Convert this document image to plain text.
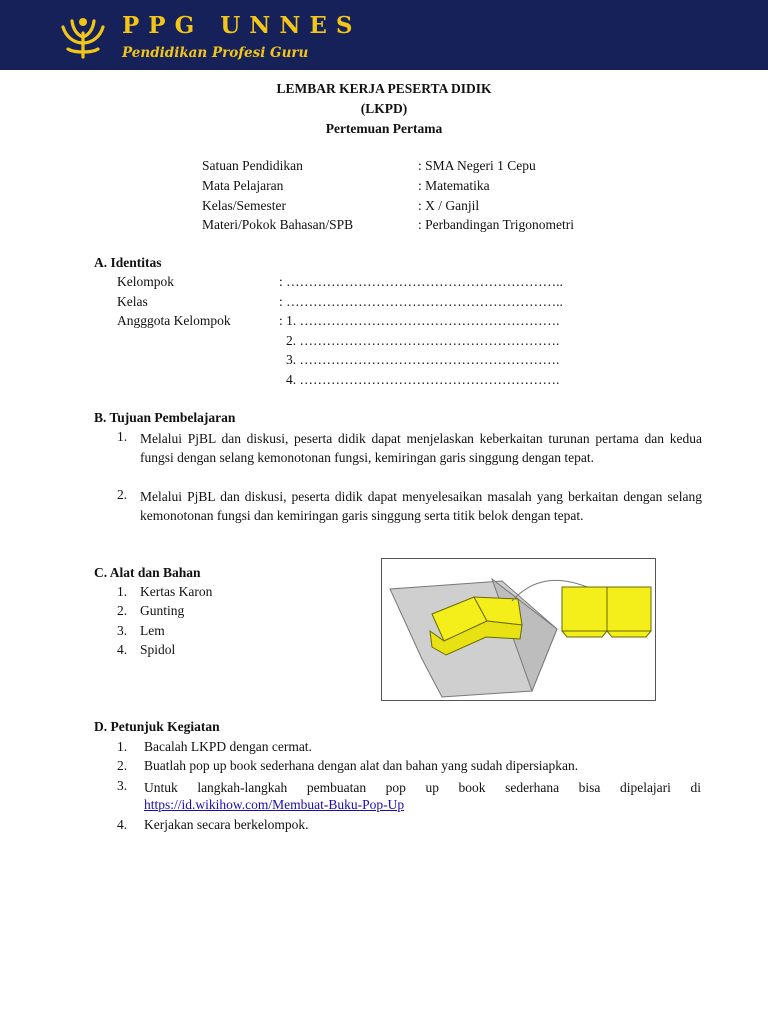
PPG UNNES
Pendidikan Profesi Guru
LEMBAR KERJA PESERTA DIDIK
(LKPD)
Pertemuan Pertama
Satuan Pendidikan	: SMA Negeri 1 Cepu
Mata Pelajaran	: Matematika
Kelas/Semester	: X / Ganjil
Materi/Pokok Bahasan/SPB	: Perbandingan Trigonometri
A. Identitas
Kelompok	: ……………………………………………………..
Kelas	: ……………………………………………………..
Angggota Kelompok	: 1. ………………………………………………….
2. ………………………………………………….
3. ………………………………………………….
4. ………………………………………………….
B. Tujuan Pembelajaran
1. Melalui PjBL dan diskusi, peserta didik dapat menjelaskan keberkaitan turunan pertama dan kedua fungsi dengan selang kemonotonan fungsi, kemiringan garis singgung dengan tepat.
2. Melalui PjBL dan diskusi, peserta didik dapat menyelesaikan masalah yang berkaitan dengan selang kemonotonan fungsi dan kemiringan garis singgung serta titik belok dengan tepat.
C. Alat dan Bahan
1. Kertas Karon
2. Gunting
3. Lem
4. Spidol
D. Petunjuk Kegiatan
1. Bacalah LKPD dengan cermat.
2. Buatlah pop up book sederhana dengan alat dan bahan yang sudah dipersiapkan.
3. Untuk langkah-langkah pembuatan pop up book sederhana bisa dipelajari di
https://id.wikihow.com/Membuat-Buku-Pop-Up
4. Kerjakan secara berkelompok.
